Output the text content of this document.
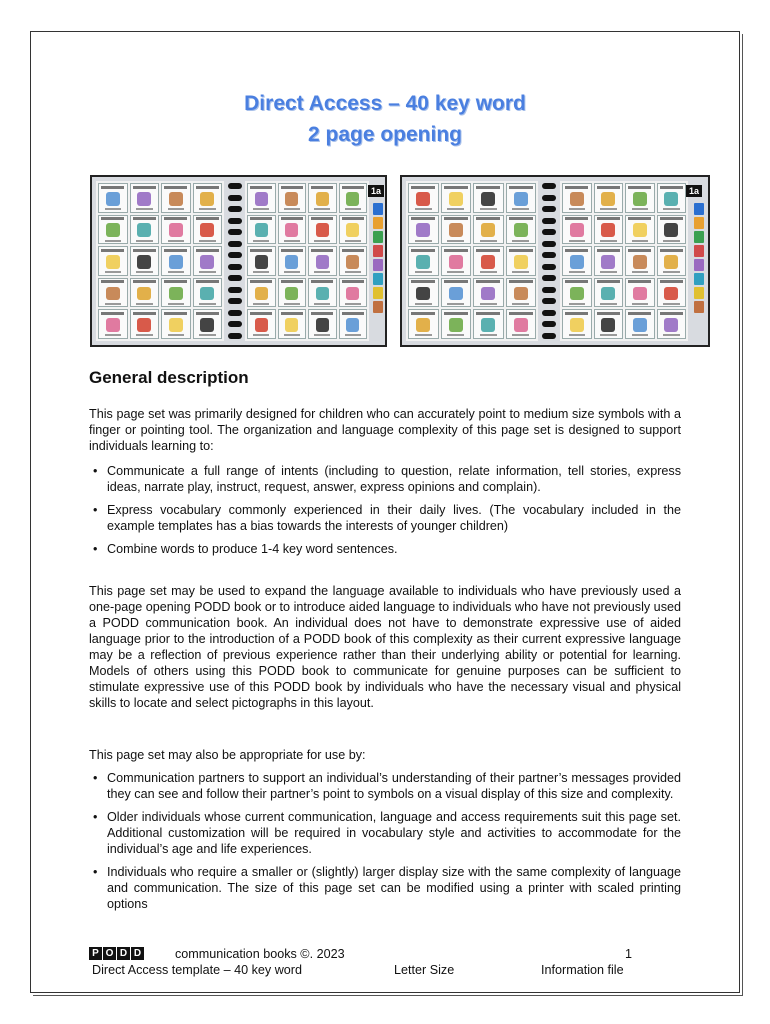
Direct Access – 40 key word
2 page opening
1a	1a
General description

This page set was primarily designed for children who can accurately point to medium size symbols with a finger or pointing tool. The organization and language complexity of this page set is designed to support individuals learning to:

• Communicate a full range of intents (including to question, relate information, tell stories, express ideas, narrate play, instruct, request, answer, express opinions and complain).
• Express vocabulary commonly experienced in their daily lives. (The vocabulary included in the example templates has a bias towards the interests of younger children)
• Combine words to produce 1-4 key word sentences.

This page set may be used to expand the language available to individuals who have previously used a one-page opening PODD book or to introduce aided language to individuals who have not previously used a PODD communication book. An individual does not have to demonstrate expressive use of aided language prior to the introduction of a PODD book of this complexity as their current expressive language may be a reflection of previous experience rather than their underlying ability or potential for learning. Models of others using this PODD book to communicate for genuine purposes can be sufficient to stimulate expressive use of this PODD book by individuals who have the necessary visual and physical skills to locate and select pictographs in this layout.

This page set may also be appropriate for use by:

• Communication partners to support an individual’s understanding of their partner’s messages provided they can see and follow their partner’s point to symbols on a visual display of this size and complexity.
• Older individuals whose current communication, language and access requirements suit this page set. Additional customization will be required in vocabulary style and activities to accommodate for the individual’s age and life experiences.
• Individuals who require a smaller or (slightly) larger display size with the same complexity of language and communication. The size of this page set can be modified using a printer with scaled printing options
P O D D	communication books ©. 2023	1
Direct Access template – 40 key word	Letter Size	Information file
